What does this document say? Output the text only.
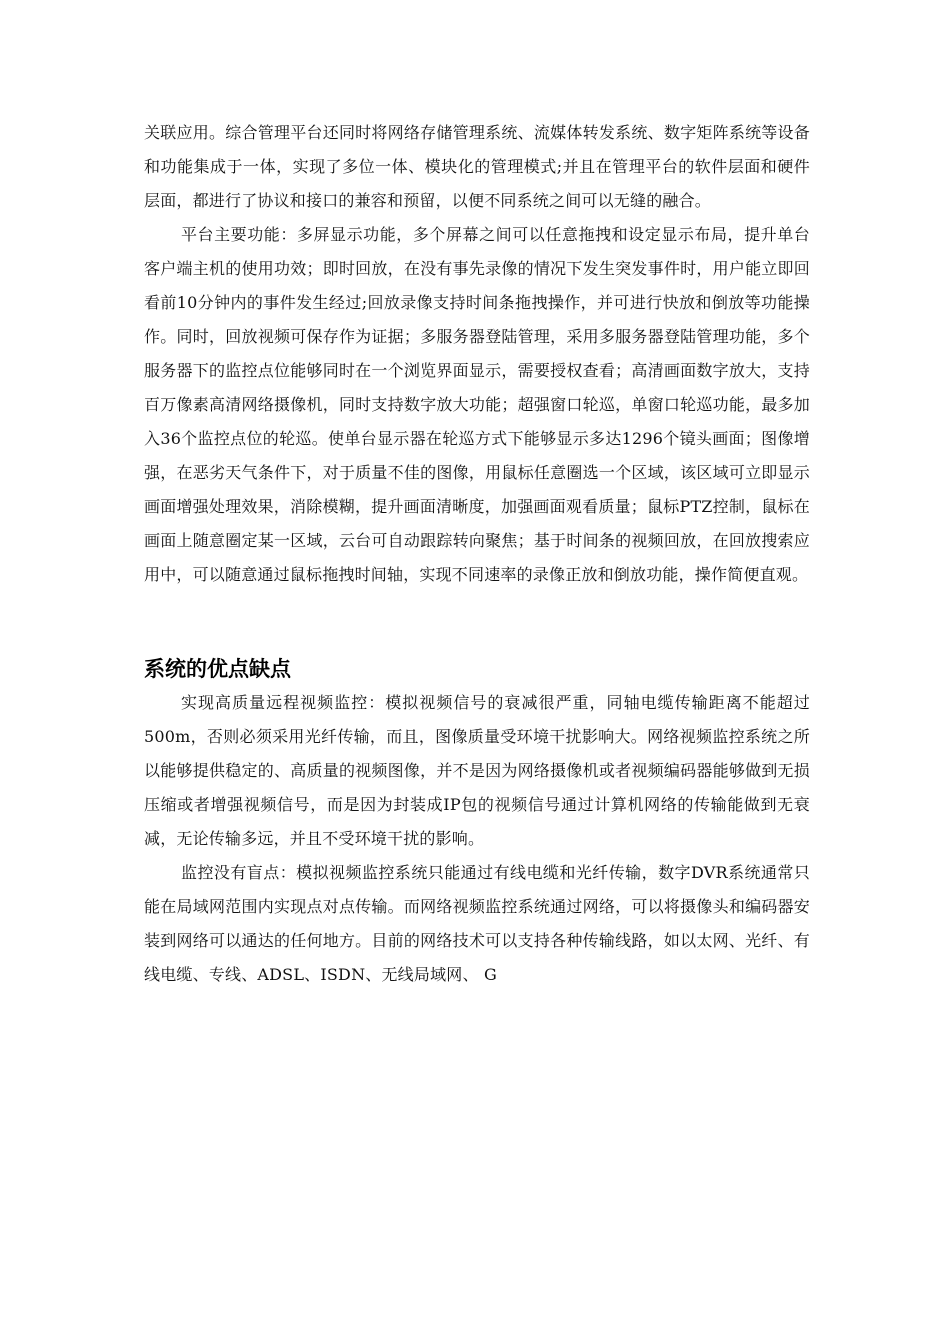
关联应用。综合管理平台还同时将网络存储管理系统、流媒体转发系统、数字矩阵系统等设备和功能集成于一体，实现了多位一体、模块化的管理模式;并且在管理平台的软件层面和硬件层面，都进行了协议和接口的兼容和预留，以便不同系统之间可以无缝的融合。

平台主要功能：多屏显示功能，多个屏幕之间可以任意拖拽和设定显示布局，提升单台客户端主机的使用功效；即时回放，在没有事先录像的情况下发生突发事件时，用户能立即回看前10分钟内的事件发生经过;回放录像支持时间条拖拽操作，并可进行快放和倒放等功能操作。同时，回放视频可保存作为证据；多服务器登陆管理，采用多服务器登陆管理功能，多个服务器下的监控点位能够同时在一个浏览界面显示，需要授权查看；高清画面数字放大，支持百万像素高清网络摄像机，同时支持数字放大功能；超强窗口轮巡，单窗口轮巡功能，最多加入36个监控点位的轮巡。使单台显示器在轮巡方式下能够显示多达1296个镜头画面；图像增强，在恶劣天气条件下，对于质量不佳的图像，用鼠标任意圈选一个区域，该区域可立即显示画面增强处理效果，消除模糊，提升画面清晰度，加强画面观看质量；鼠标PTZ控制，鼠标在画面上随意圈定某一区域，云台可自动跟踪转向聚焦；基于时间条的视频回放，在回放搜索应用中，可以随意通过鼠标拖拽时间轴，实现不同速率的录像正放和倒放功能，操作简便直观。

系统的优点缺点

实现高质量远程视频监控：模拟视频信号的衰减很严重，同轴电缆传输距离不能超过500m，否则必须采用光纤传输，而且，图像质量受环境干扰影响大。网络视频监控系统之所以能够提供稳定的、高质量的视频图像，并不是因为网络摄像机或者视频编码器能够做到无损压缩或者增强视频信号，而是因为封装成IP包的视频信号通过计算机网络的传输能做到无衰减，无论传输多远，并且不受环境干扰的影响。

监控没有盲点：模拟视频监控系统只能通过有线电缆和光纤传输，数字DVR系统通常只能在局域网范围内实现点对点传输。而网络视频监控系统通过网络，可以将摄像头和编码器安装到网络可以通达的任何地方。目前的网络技术可以支持各种传输线路，如以太网、光纤、有线电缆、专线、ADSL、ISDN、无线局域网、 G
